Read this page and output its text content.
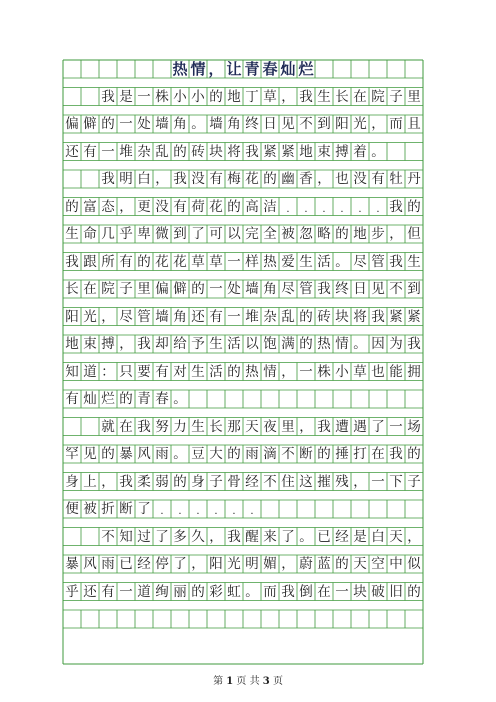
热 情 ， 让 青 春 灿 烂
我 是 一 株 小 小 的 地 丁 草 ， 我 生 长 在 院 子 里
偏 僻 的 一 处 墙 角 。 墙 角 终 日 见 不 到 阳 光 ， 而 且
还 有 一 堆 杂 乱 的 砖 块 将 我 紧 紧 地 束 搏 着 。
我 明 白 ， 我 没 有 梅 花 的 幽 香 ， 也 没 有 牡 丹
的 富 态 ， 更 没 有 荷 花 的 高 洁 .	.	.	.	.	. 我 的
生 命 几 乎 卑 微 到 了 可 以 完 全 被 忽 略 的 地 步 ， 但
我 跟 所 有 的 花 花 草 草 一 样 热 爱 生 活 。 尽 管 我 生
长 在 院 子 里 偏 僻 的 一 处 墙 角 尽 管 我 终 日 见 不 到
阳 光 ， 尽 管 墙 角 还 有 一 堆 杂 乱 的 砖 块 将 我 紧 紧
地 束 搏 ， 我 却 给 予 生 活 以 饱 满 的 热 情 。 因 为 我
知 道 ： 只 要 有 对 生 活 的 热 情 ， 一 株 小 草 也 能 拥
有 灿 烂 的 青 春 。
就 在 我 努 力 生 长 那 天 夜 里 ， 我 遭 遇 了 一 场
罕 见 的 暴 风 雨 。 豆 大 的 雨 滴 不 断 的 捶 打 在 我 的
身 上 ， 我 柔 弱 的 身 子 骨 经 不 住 这 摧 残 ， 一 下 子
便 被 折 断 了 .	.	.	.	.	.
不 知 过 了 多 久 ， 我 醒 来 了 。 已 经 是 白 天 ，
暴 风 雨 已 经 停 了 ， 阳 光 明 媚 ， 蔚 蓝 的 天 空 中 似
乎 还 有 一 道 绚 丽 的 彩 虹 。 而 我 倒 在 一 块 破 旧 的
第 1 页 共 3 页
